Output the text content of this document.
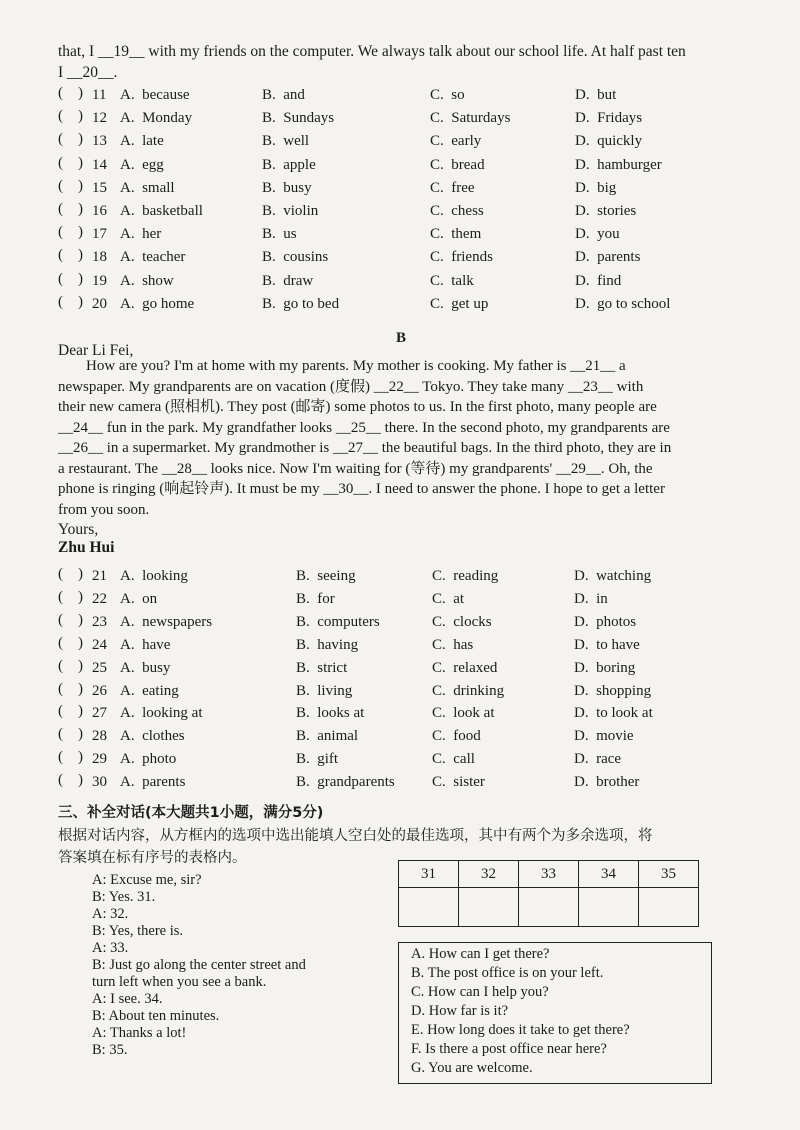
that, I __19__ with my friends on the computer. We always talk about our school life. At half past ten
I __20__.
( ) 11 A. because	B. and	C. so	D. but
( ) 12 A. Monday	B. Sundays	C. Saturdays	D. Fridays
( ) 13 A. late	B. well	C. early	D. quickly
( ) 14 A. egg	B. apple	C. bread	D. hamburger
( ) 15 A. small	B. busy	C. free	D. big
( ) 16 A. basketball	B. violin	C. chess	D. stories
( ) 17 A. her	B. us	C. them	D. you
( ) 18 A. teacher	B. cousins	C. friends	D. parents
( ) 19 A. show	B. draw	C. talk	D. find
( ) 20 A. go home	B. go to bed	C. get up	D. go to school
B
Dear Li Fei,
How are you? I'm at home with my parents. My mother is cooking. My father is __21__ a
newspaper. My grandparents are on vacation (度假) __22__ Tokyo. They take many __23__ with
their new camera (照相机). They post (邮寄) some photos to us. In the first photo, many people are
__24__ fun in the park. My grandfather looks __25__ there. In the second photo, my grandparents are
__26__ in a supermarket. My grandmother is __27__ the beautiful bags. In the third photo, they are in
a restaurant. The __28__ looks nice. Now I'm waiting for (等待) my grandparents' __29__. Oh, the
phone is ringing (响起铃声). It must be my __30__. I need to answer the phone. I hope to get a letter
from you soon.
Yours,
Zhu Hui
( ) 21 A. looking	B. seeing	C. reading	D. watching
( ) 22 A. on	B. for	C. at	D. in
( ) 23 A. newspapers	B. computers	C. clocks	D. photos
( ) 24 A. have	B. having	C. has	D. to have
( ) 25 A. busy	B. strict	C. relaxed	D. boring
( ) 26 A. eating	B. living	C. drinking	D. shopping
( ) 27 A. looking at	B. looks at	C. look at	D. to look at
( ) 28 A. clothes	B. animal	C. food	D. movie
( ) 29 A. photo	B. gift	C. call	D. race
( ) 30 A. parents	B. grandparents C. sister	D. brother
三、补全对话(本大题共1小题，满分5分)
根据对话内容，从方框内的选项中选出能填人空白处的最佳选项，其中有两个为多余选项，将
答案填在标有序号的表格内。
31	32	33	34	35

A: Excuse me, sir?
B: Yes. 31.
A: 32.
B: Yes, there is.
A: 33.
B: Just go along the center street and
turn left when you see a bank.
A: I see. 34.
B: About ten minutes.
A: Thanks a lot!
B: 35.
A. How can I get there?
B. The post office is on your left.
C. How can I help you?
D. How far is it?
E. How long does it take to get there?
F. Is there a post office near here?
G. You are welcome.
